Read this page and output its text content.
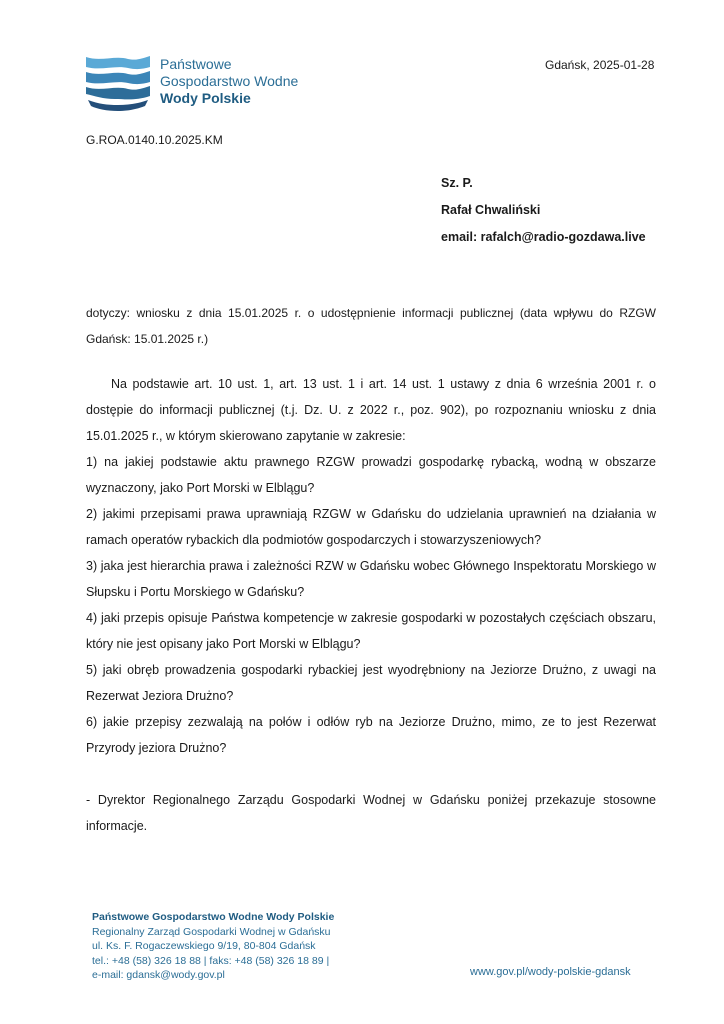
Państwowe
Gospodarstwo Wodne
Wody Polskie
Gdańsk, 2025-01-28
G.ROA.0140.10.2025.KM
Sz. P.
Rafał Chwaliński
email: rafalch@radio-gozdawa.live
dotyczy: wniosku z dnia 15.01.2025 r. o udostępnienie informacji publicznej (data wpływu do RZGW Gdańsk: 15.01.2025 r.)

Na podstawie art. 10 ust. 1, art. 13 ust. 1 i art. 14 ust. 1 ustawy z dnia 6 września 2001 r. o dostępie do informacji publicznej (t.j. Dz. U. z 2022 r., poz. 902), po rozpoznaniu wniosku z dnia 15.01.2025 r., w którym skierowano zapytanie w zakresie:

1) na jakiej podstawie aktu prawnego RZGW prowadzi gospodarkę rybacką, wodną w obszarze wyznaczony, jako Port Morski w Elblągu?

2) jakimi przepisami prawa uprawniają RZGW w Gdańsku do udzielania uprawnień na działania w ramach operatów rybackich dla podmiotów gospodarczych i stowarzyszeniowych?

3) jaka jest hierarchia prawa i zależności RZW w Gdańsku wobec Głównego Inspektoratu Morskiego w Słupsku i Portu Morskiego w Gdańsku?

4) jaki przepis opisuje Państwa kompetencje w zakresie gospodarki w pozostałych częściach obszaru, który nie jest opisany jako Port Morski w Elblągu?

5) jaki obręb prowadzenia gospodarki rybackiej jest wyodrębniony na Jeziorze Drużno, z uwagi na Rezerwat Jeziora Drużno?

6) jakie przepisy zezwalają na połów i odłów ryb na Jeziorze Drużno, mimo, ze to jest Rezerwat Przyrody jeziora Drużno?

- Dyrektor Regionalnego Zarządu Gospodarki Wodnej w Gdańsku poniżej przekazuje stosowne informacje.

Państwowe Gospodarstwo Wodne Wody Polskie
Regionalny Zarząd Gospodarki Wodnej w Gdańsku
ul. Ks. F. Rogaczewskiego 9/19, 80-804 Gdańsk
tel.: +48 (58) 326 18 88 | faks: +48 (58) 326 18 89 |
e-mail: gdansk@wody.gov.pl	www.gov.pl/wody-polskie-gdansk
